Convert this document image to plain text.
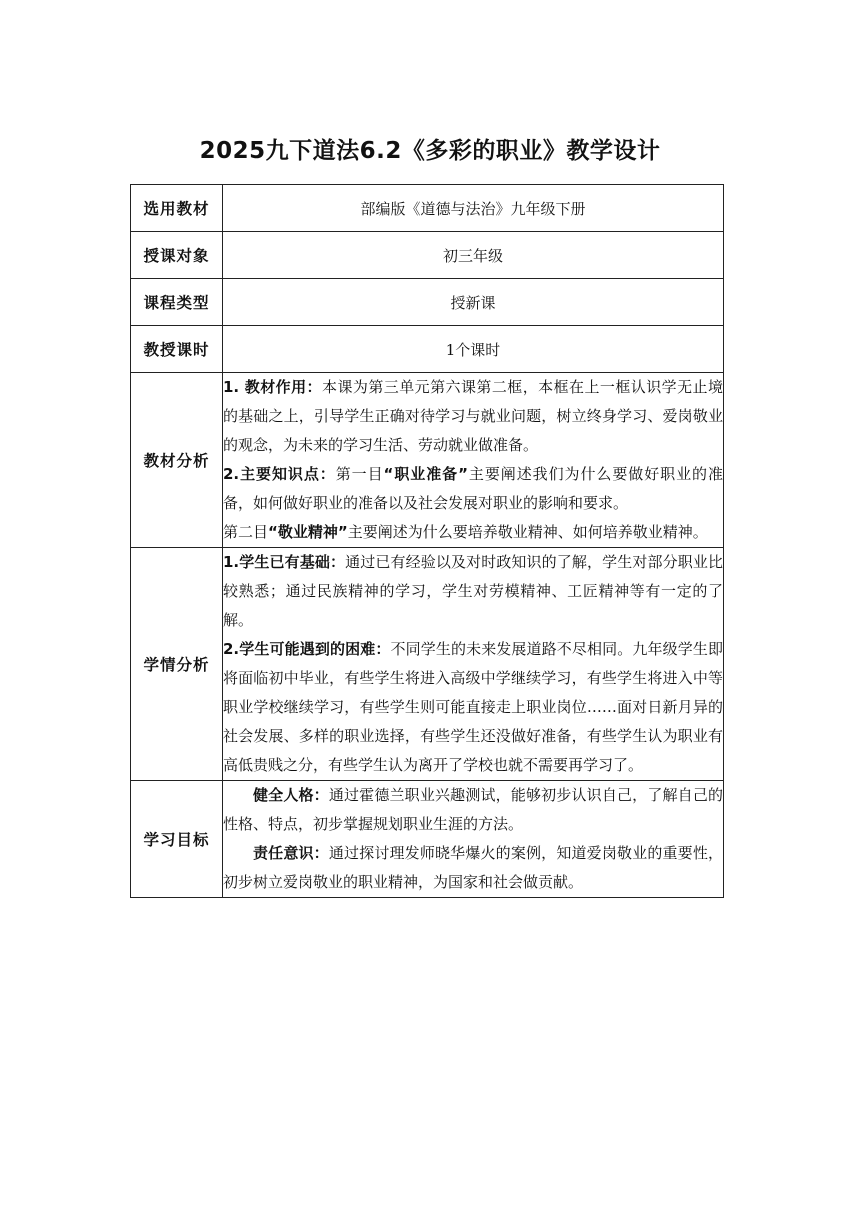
2025九下道法6.2《多彩的职业》教学设计
选用教材	部编版《道德与法治》九年级下册
授课对象	初三年级
课程类型	授新课
教授课时	1个课时
教材分析	1. 教材作用：本课为第三单元第六课第二框，本框在上一框认识学无止境的基础之上，引导学生正确对待学习与就业问题，树立终身学习、爱岗敬业的观念，为未来的学习生活、劳动就业做准备。

2.主要知识点：第一目“职业准备”主要阐述我们为什么要做好职业的准备，如何做好职业的准备以及社会发展对职业的影响和要求。

第二目“敬业精神”主要阐述为什么要培养敬业精神、如何培养敬业精神。

学情分析	1.学生已有基础：通过已有经验以及对时政知识的了解，学生对部分职业比较熟悉；通过民族精神的学习，学生对劳模精神、工匠精神等有一定的了解。

2.学生可能遇到的困难：不同学生的未来发展道路不尽相同。九年级学生即将面临初中毕业，有些学生将进入高级中学继续学习，有些学生将进入中等职业学校继续学习，有些学生则可能直接走上职业岗位……面对日新月异的社会发展、多样的职业选择，有些学生还没做好准备，有些学生认为职业有高低贵贱之分，有些学生认为离开了学校也就不需要再学习了。

学习目标	健全人格：通过霍德兰职业兴趣测试，能够初步认识自己，了解自己的性格、特点，初步掌握规划职业生涯的方法。

责任意识：通过探讨理发师晓华爆火的案例，知道爱岗敬业的重要性，初步树立爱岗敬业的职业精神，为国家和社会做贡献。
